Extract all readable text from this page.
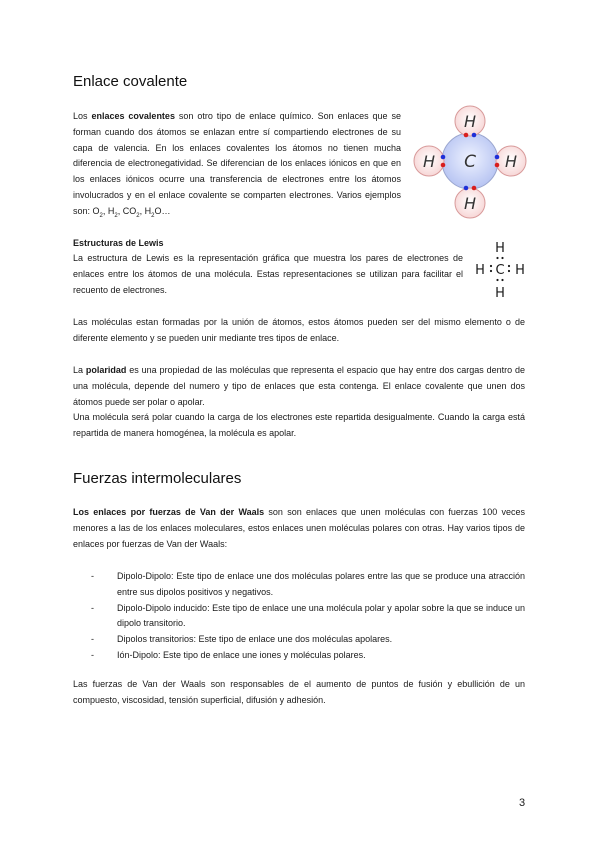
Enlace covalente

Los enlaces covalentes son otro tipo de enlace químico. Son enlaces que se forman cuando dos átomos se enlazan entre sí compartiendo electrones de su capa de valencia. En los enlaces covalentes los átomos no tienen mucha diferencia de electronegatividad. Se diferencian de los enlaces iónicos en que en los enlaces iónicos ocurre una transferencia de electrones entre los átomos involucrados y en el enlace covalente se comparten electrones. Varios ejemplos son: $O_2$, $H_2$, $CO_2$, $H_2O\dots$

C
H
H
H	H

Estructuras de Lewis

La estructura de Lewis es la representación gráfica que muestra los pares de electrones de enlaces entre los átomos de una molécula. Estas representaciones se utilizan para facilitar el recuento de electrones.

H
C
H H
H

Las moléculas estan formadas por la unión de átomos, estos átomos pueden ser del mismo elemento o de diferente elemento y se pueden unir mediante tres tipos de enlace.

La polaridad es una propiedad de las moléculas que representa el espacio que hay entre dos cargas dentro de una molécula, depende del numero y tipo de enlaces que esta contenga. El enlace covalente que unen dos átomos puede ser polar o apolar.
Una molécula será polar cuando la carga de los electrones este repartida desigualmente. Cuando la carga está repartida de manera homogénea, la molécula es apolar.

Fuerzas intermoleculares

Los enlaces por fuerzas de Van der Waals son son enlaces que unen moléculas con fuerzas 100 veces menores a las de los enlaces moleculares, estos enlaces unen moléculas polares con otras. Hay varios tipos de enlaces por fuerzas de Van der Waals:

-	Dipolo-Dipolo: Este tipo de enlace une dos moléculas polares entre las que se produce una atracción entre sus dipolos positivos y negativos.
-	Dipolo-Dipolo inducido: Este tipo de enlace une una molécula polar y apolar sobre la que se induce un dipolo transitorio.
-	Dipolos transitorios: Este tipo de enlace une dos moléculas apolares.
-	Ión-Dipolo: Este tipo de enlace une iones y moléculas polares.

Las fuerzas de Van der Waals son responsables de el aumento de puntos de fusión y ebullición de un compuesto, viscosidad, tensión superficial, difusión y adhesión.

3
